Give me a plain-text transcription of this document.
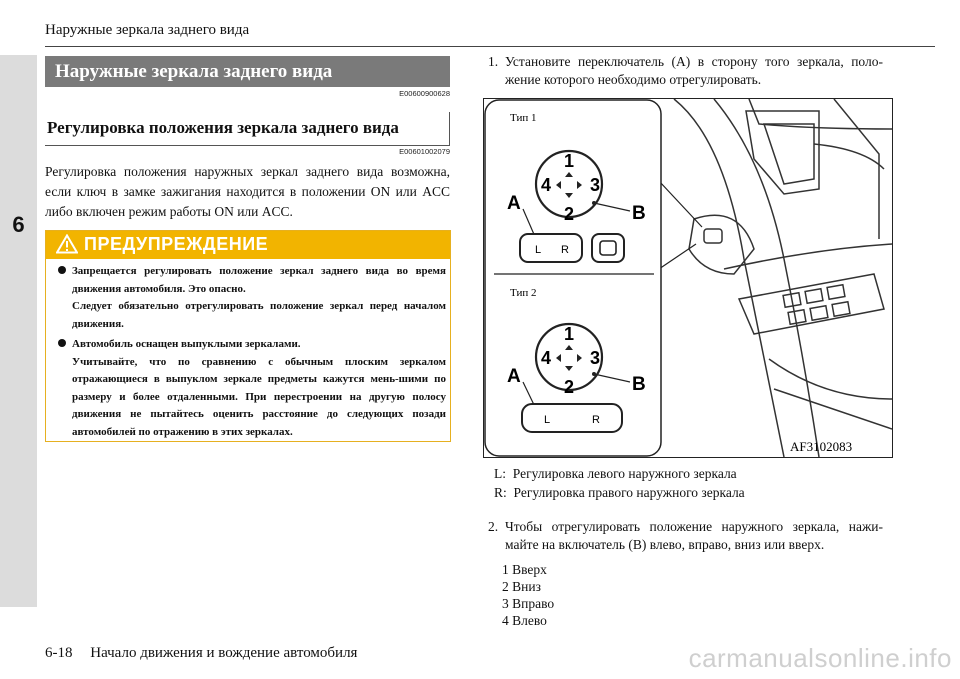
6
Наружные зеркала заднего вида
Наружные зеркала заднего вида
E00600900628
Регулировка положения зеркала заднего вида
E00601002079
Регулировка положения наружных зеркал заднего вида возможна, если ключ в замке зажигания находится в положении ON или ACC либо включен режим работы ON или ACC.
ПРЕДУПРЕЖДЕНИЕ
Запрещается регулировать положение зеркал заднего вида во время движения автомобиля. Это опасно.
Следует обязательно отрегулировать положение зеркал перед началом движения.
Автомобиль оснащен выпуклыми зеркалами.
Учитывайте, что по сравнению с обычным плоским зеркалом отражающиеся в выпуклом зеркале предметы кажутся мень-шими по размеру и более отдаленными. При перестроении на другую полосу движения не пытайтесь оценить расстояние до следующих позади автомобилей по отражению в этих зеркалах.
1. Установите переключатель (A) в сторону того зеркала, поло-жение которого необходимо отрегулировать.
Тип 1
1
2
4 3
A	B
L R
Тип 2
1
2
4 3
A	B
L	R
AF3102083
L: Регулировка левого наружного зеркала
R: Регулировка правого наружного зеркала
2. Чтобы отрегулировать положение наружного зеркала, нажи-майте на включатель (B) влево, вправо, вниз или вверх.
1 Вверх
2 Вниз
3 Вправо
4 Влево
6-18 Начало движения и вождение автомобиля	carmanualsonline.info
